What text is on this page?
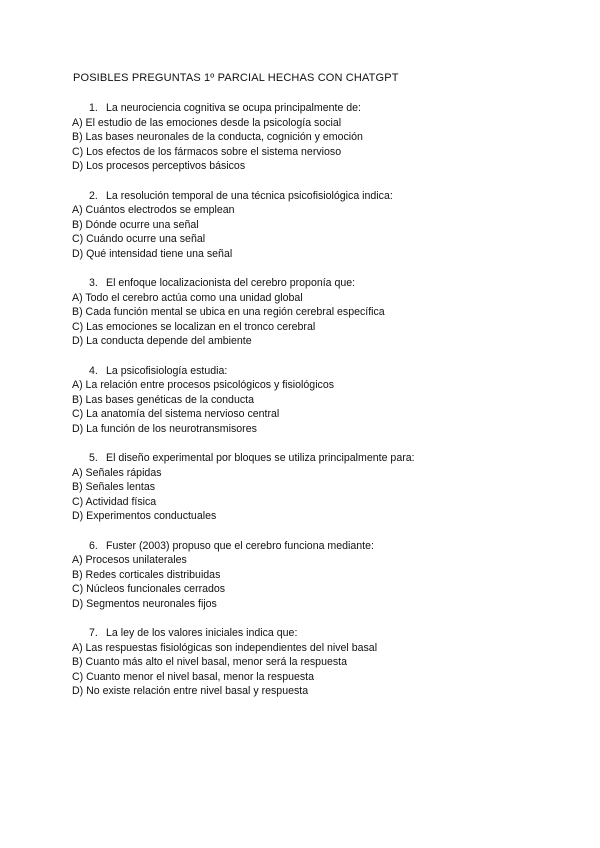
POSIBLES PREGUNTAS 1º PARCIAL HECHAS CON CHATGPT
1. La neurociencia cognitiva se ocupa principalmente de:
A) El estudio de las emociones desde la psicología social
B) Las bases neuronales de la conducta, cognición y emoción
C) Los efectos de los fármacos sobre el sistema nervioso
D) Los procesos perceptivos básicos
2. La resolución temporal de una técnica psicofisiológica indica:
A) Cuántos electrodos se emplean
B) Dónde ocurre una señal
C) Cuándo ocurre una señal
D) Qué intensidad tiene una señal
3. El enfoque localizacionista del cerebro proponía que:
A) Todo el cerebro actúa como una unidad global
B) Cada función mental se ubica en una región cerebral específica
C) Las emociones se localizan en el tronco cerebral
D) La conducta depende del ambiente
4. La psicofisiología estudia:
A) La relación entre procesos psicológicos y fisiológicos
B) Las bases genéticas de la conducta
C) La anatomía del sistema nervioso central
D) La función de los neurotransmisores
5. El diseño experimental por bloques se utiliza principalmente para:
A) Señales rápidas
B) Señales lentas
C) Actividad física
D) Experimentos conductuales
6. Fuster (2003) propuso que el cerebro funciona mediante:
A) Procesos unilaterales
B) Redes corticales distribuidas
C) Núcleos funcionales cerrados
D) Segmentos neuronales fijos
7. La ley de los valores iniciales indica que:
A) Las respuestas fisiológicas son independientes del nivel basal
B) Cuanto más alto el nivel basal, menor será la respuesta
C) Cuanto menor el nivel basal, menor la respuesta
D) No existe relación entre nivel basal y respuesta
